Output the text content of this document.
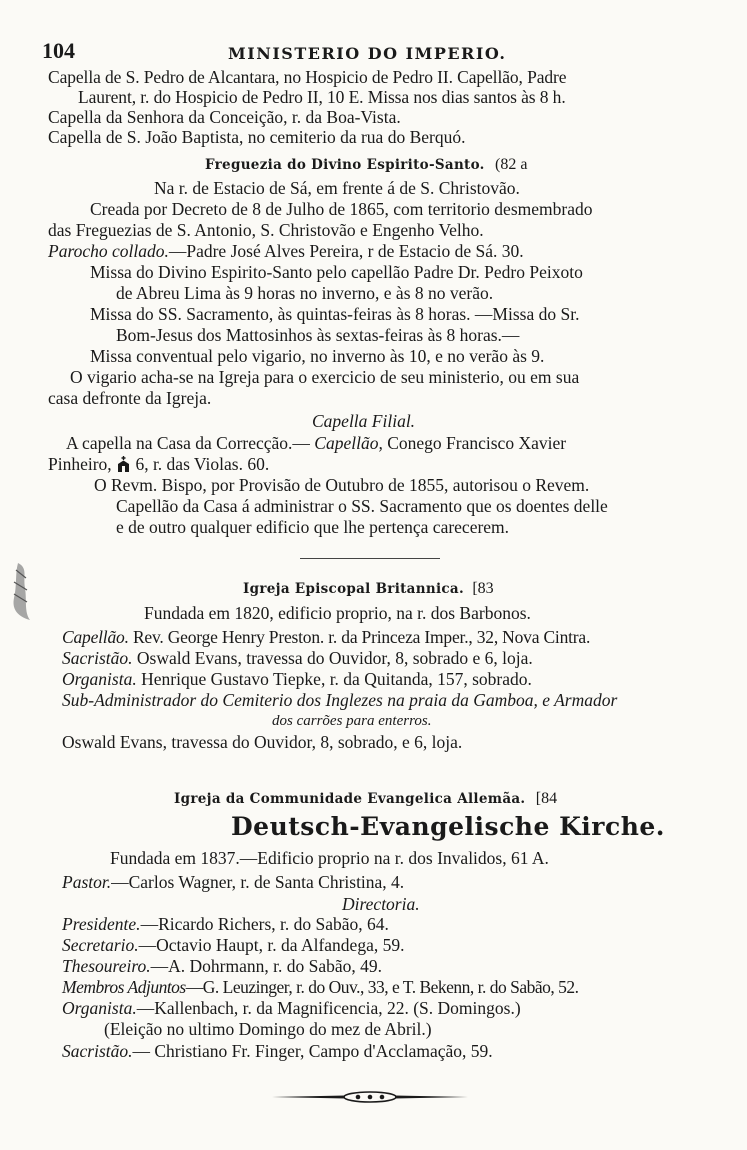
104	MINISTERIO DO IMPERIO.
Capella de S. Pedro de Alcantara, no Hospicio de Pedro II. Capellão, Padre
Laurent, r. do Hospicio de Pedro II, 10 E. Missa nos dias santos às 8 h.
Capella da Senhora da Conceição, r. da Boa-Vista.
Capella de S. João Baptista, no cemiterio da rua do Berquó.
Freguezia do Divino Espirito-Santo. (82 a
Na r. de Estacio de Sá, em frente á de S. Christovão.
Creada por Decreto de 8 de Julho de 1865, com territorio desmembrado
das Freguezias de S. Antonio, S. Christovão e Engenho Velho.
Parocho collado.—Padre José Alves Pereira, r de Estacio de Sá. 30.
Missa do Divino Espirito-Santo pelo capellão Padre Dr. Pedro Peixoto
de Abreu Lima às 9 horas no inverno, e às 8 no verão.
Missa do SS. Sacramento, às quintas-feiras às 8 horas. —Missa do Sr.
Bom-Jesus dos Mattosinhos às sextas-feiras às 8 horas.—
Missa conventual pelo vigario, no inverno às 10, e no verão às 9.
O vigario acha-se na Igreja para o exercicio de seu ministerio, ou em sua
casa defronte da Igreja.
Capella Filial.
A capella na Casa da Correcção.— Capellão, Conego Francisco Xavier
Pinheiro, 6, r. das Violas. 60.
O Revm. Bispo, por Provisão de Outubro de 1855, autorisou o Revem.
Capellão da Casa á administrar o SS. Sacramento que os doentes delle
e de outro qualquer edificio que lhe pertença carecerem.
Igreja Episcopal Britannica. [83
Fundada em 1820, edificio proprio, na r. dos Barbonos.
Capellão. Rev. George Henry Preston. r. da Princeza Imper., 32, Nova Cintra.
Sacristão. Oswald Evans, travessa do Ouvidor, 8, sobrado e 6, loja.
Organista. Henrique Gustavo Tiepke, r. da Quitanda, 157, sobrado.
Sub-Administrador do Cemiterio dos Inglezes na praia da Gamboa, e Armador
dos carrões para enterros.
Oswald Evans, travessa do Ouvidor, 8, sobrado, e 6, loja.
Igreja da Communidade Evangelica Allemãa. [84
Deutsch-Evangelische Kirche.
Fundada em 1837.—Edificio proprio na r. dos Invalidos, 61 A.
Pastor.—Carlos Wagner, r. de Santa Christina, 4.
Directoria.
Presidente.—Ricardo Richers, r. do Sabão, 64.
Secretario.—Octavio Haupt, r. da Alfandega, 59.
Thesoureiro.—A. Dohrmann, r. do Sabão, 49.
Membros Adjuntos—G. Leuzinger, r. do Ouv., 33, e T. Bekenn, r. do Sabão, 52.
Organista.—Kallenbach, r. da Magnificencia, 22. (S. Domingos.)
(Eleição no ultimo Domingo do mez de Abril.)
Sacristão.— Christiano Fr. Finger, Campo d'Acclamação, 59.
